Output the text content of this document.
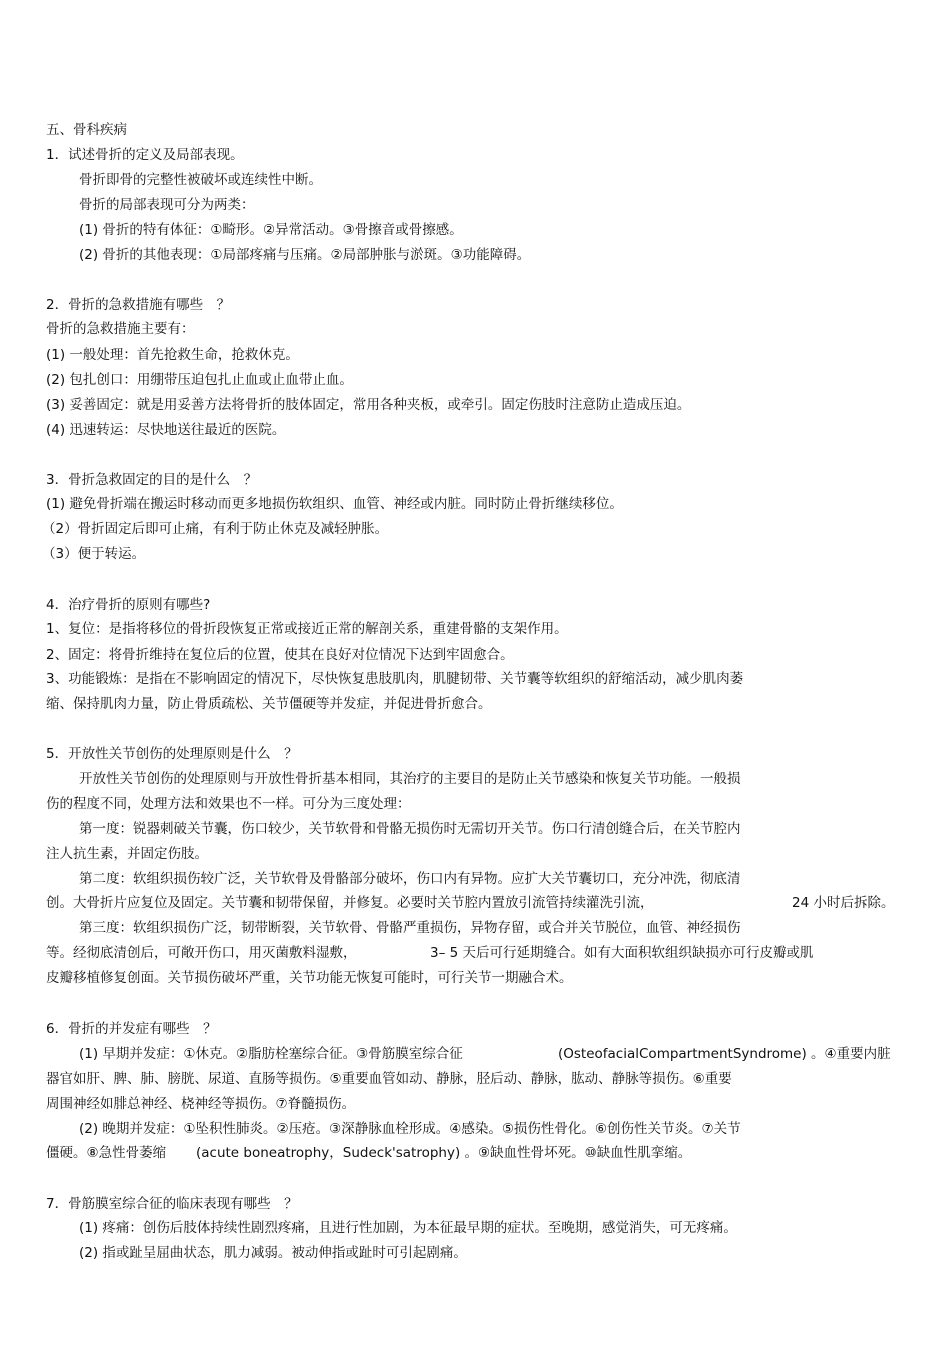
五、骨科疾病
1．试述骨折的定义及局部表现。
骨折即骨的完整性被破坏或连续性中断。
骨折的局部表现可分为两类：
(1) 骨折的特有体征：①畸形。②异常活动。③骨擦音或骨擦感。
(2) 骨折的其他表现：①局部疼痛与压痛。②局部肿胀与淤斑。③功能障碍。
2．骨折的急救措施有哪些　？
骨折的急救措施主要有：
(1) 一般处理：首先抢救生命，抢救休克。
(2) 包扎创口：用绷带压迫包扎止血或止血带止血。
(3) 妥善固定：就是用妥善方法将骨折的肢体固定，常用各种夹板，或牵引。固定伤肢时注意防止造成压迫。
(4) 迅速转运：尽快地送往最近的医院。
3．骨折急救固定的目的是什么　？
(1) 避免骨折端在搬运时移动而更多地损伤软组织、血管、神经或内脏。同时防止骨折继续移位。
（2）骨折固定后即可止痛，有利于防止休克及减轻肿胀。
（3）便于转运。
4．治疗骨折的原则有哪些?
1、复位：是指将移位的骨折段恢复正常或接近正常的解剖关系，重建骨骼的支架作用。
2、固定：将骨折维持在复位后的位置，使其在良好对位情况下达到牢固愈合。
3、功能锻炼：是指在不影响固定的情况下，尽快恢复患肢肌肉，肌腱韧带、关节囊等软组织的舒缩活动，减少肌肉萎
缩、保持肌肉力量，防止骨质疏松、关节僵硬等并发症，并促进骨折愈合。
5．开放性关节创伤的处理原则是什么　？
开放性关节创伤的处理原则与开放性骨折基本相同，其治疗的主要目的是防止关节感染和恢复关节功能。一般损
伤的程度不同，处理方法和效果也不一样。可分为三度处理：
第一度：锐器刺破关节囊，伤口较少，关节软骨和骨骼无损伤时无需切开关节。伤口行清创缝合后，在关节腔内
注人抗生素，并固定伤肢。
第二度：软组织损伤较广泛，关节软骨及骨骼部分破坏，伤口内有异物。应扩大关节囊切口，充分冲洗，彻底清
创。大骨折片应复位及固定。关节囊和韧带保留，并修复。必要时关节腔内置放引流管持续灌洗引流，	24 小时后拆除。
第三度：软组织损伤广泛，韧带断裂，关节软骨、骨骼严重损伤，异物存留，或合并关节脱位，血管、神经损伤
等。经彻底清创后，可敞开伤口，用灭菌敷料湿敷，	3– 5 天后可行延期缝合。如有大面积软组织缺损亦可行皮瓣或肌
皮瓣移植修复创面。关节损伤破坏严重，关节功能无恢复可能时，可行关节一期融合术。
6．骨折的并发症有哪些　？
(1) 早期并发症：①休克。②脂肪栓塞综合征。③骨筋膜室综合征	(OsteofacialCompartmentSyndrome) 。④重要内脏
器官如肝、脾、肺、膀胱、尿道、直肠等损伤。⑤重要血管如动、静脉，胫后动、静脉，肱动、静脉等损伤。⑥重要
周围神经如腓总神经、桡神经等损伤。⑦脊髓损伤。
(2) 晚期并发症：①坠积性肺炎。②压疮。③深静脉血栓形成。④感染。⑤损伤性骨化。⑥创伤性关节炎。⑦关节
僵硬。⑧急性骨萎缩 (acute boneatrophy，Sudeck'satrophy) 。⑨缺血性骨坏死。⑩缺血性肌挛缩。
7．骨筋膜室综合征的临床表现有哪些　？
(1) 疼痛：创伤后肢体持续性剧烈疼痛，且进行性加剧，为本征最早期的症状。至晚期，感觉消失，可无疼痛。
(2) 指或趾呈屈曲状态，肌力减弱。被动伸指或趾时可引起剧痛。
